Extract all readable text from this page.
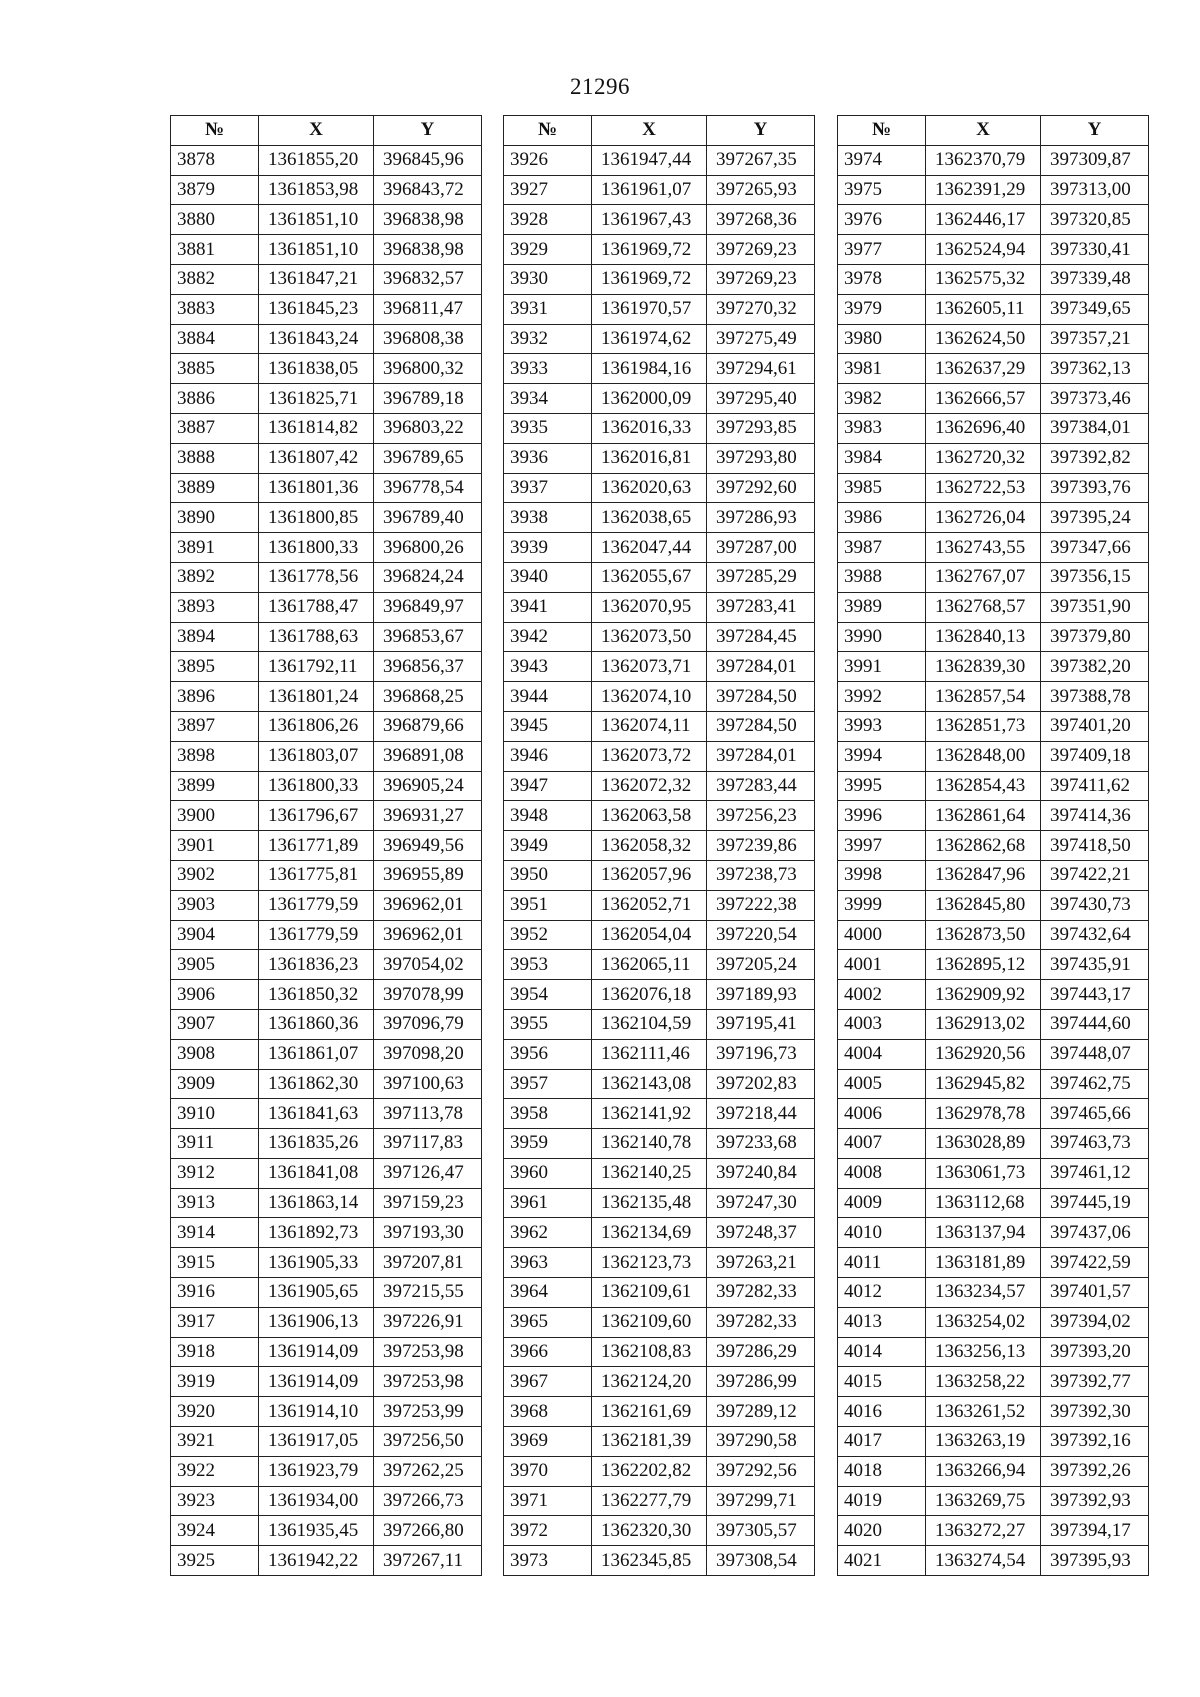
21296
№	X	Y
3878	1361855,20	396845,96
3879	1361853,98	396843,72
3880	1361851,10	396838,98
3881	1361851,10	396838,98
3882	1361847,21	396832,57
3883	1361845,23	396811,47
3884	1361843,24	396808,38
3885	1361838,05	396800,32
3886	1361825,71	396789,18
3887	1361814,82	396803,22
3888	1361807,42	396789,65
3889	1361801,36	396778,54
3890	1361800,85	396789,40
3891	1361800,33	396800,26
3892	1361778,56	396824,24
3893	1361788,47	396849,97
3894	1361788,63	396853,67
3895	1361792,11	396856,37
3896	1361801,24	396868,25
3897	1361806,26	396879,66
3898	1361803,07	396891,08
3899	1361800,33	396905,24
3900	1361796,67	396931,27
3901	1361771,89	396949,56
3902	1361775,81	396955,89
3903	1361779,59	396962,01
3904	1361779,59	396962,01
3905	1361836,23	397054,02
3906	1361850,32	397078,99
3907	1361860,36	397096,79
3908	1361861,07	397098,20
3909	1361862,30	397100,63
3910	1361841,63	397113,78
3911	1361835,26	397117,83
3912	1361841,08	397126,47
3913	1361863,14	397159,23
3914	1361892,73	397193,30
3915	1361905,33	397207,81
3916	1361905,65	397215,55
3917	1361906,13	397226,91
3918	1361914,09	397253,98
3919	1361914,09	397253,98
3920	1361914,10	397253,99
3921	1361917,05	397256,50
3922	1361923,79	397262,25
3923	1361934,00	397266,73
3924	1361935,45	397266,80
3925	1361942,22	397267,11
№	X	Y
3926	1361947,44	397267,35
3927	1361961,07	397265,93
3928	1361967,43	397268,36
3929	1361969,72	397269,23
3930	1361969,72	397269,23
3931	1361970,57	397270,32
3932	1361974,62	397275,49
3933	1361984,16	397294,61
3934	1362000,09	397295,40
3935	1362016,33	397293,85
3936	1362016,81	397293,80
3937	1362020,63	397292,60
3938	1362038,65	397286,93
3939	1362047,44	397287,00
3940	1362055,67	397285,29
3941	1362070,95	397283,41
3942	1362073,50	397284,45
3943	1362073,71	397284,01
3944	1362074,10	397284,50
3945	1362074,11	397284,50
3946	1362073,72	397284,01
3947	1362072,32	397283,44
3948	1362063,58	397256,23
3949	1362058,32	397239,86
3950	1362057,96	397238,73
3951	1362052,71	397222,38
3952	1362054,04	397220,54
3953	1362065,11	397205,24
3954	1362076,18	397189,93
3955	1362104,59	397195,41
3956	1362111,46	397196,73
3957	1362143,08	397202,83
3958	1362141,92	397218,44
3959	1362140,78	397233,68
3960	1362140,25	397240,84
3961	1362135,48	397247,30
3962	1362134,69	397248,37
3963	1362123,73	397263,21
3964	1362109,61	397282,33
3965	1362109,60	397282,33
3966	1362108,83	397286,29
3967	1362124,20	397286,99
3968	1362161,69	397289,12
3969	1362181,39	397290,58
3970	1362202,82	397292,56
3971	1362277,79	397299,71
3972	1362320,30	397305,57
3973	1362345,85	397308,54
№	X	Y
3974	1362370,79	397309,87
3975	1362391,29	397313,00
3976	1362446,17	397320,85
3977	1362524,94	397330,41
3978	1362575,32	397339,48
3979	1362605,11	397349,65
3980	1362624,50	397357,21
3981	1362637,29	397362,13
3982	1362666,57	397373,46
3983	1362696,40	397384,01
3984	1362720,32	397392,82
3985	1362722,53	397393,76
3986	1362726,04	397395,24
3987	1362743,55	397347,66
3988	1362767,07	397356,15
3989	1362768,57	397351,90
3990	1362840,13	397379,80
3991	1362839,30	397382,20
3992	1362857,54	397388,78
3993	1362851,73	397401,20
3994	1362848,00	397409,18
3995	1362854,43	397411,62
3996	1362861,64	397414,36
3997	1362862,68	397418,50
3998	1362847,96	397422,21
3999	1362845,80	397430,73
4000	1362873,50	397432,64
4001	1362895,12	397435,91
4002	1362909,92	397443,17
4003	1362913,02	397444,60
4004	1362920,56	397448,07
4005	1362945,82	397462,75
4006	1362978,78	397465,66
4007	1363028,89	397463,73
4008	1363061,73	397461,12
4009	1363112,68	397445,19
4010	1363137,94	397437,06
4011	1363181,89	397422,59
4012	1363234,57	397401,57
4013	1363254,02	397394,02
4014	1363256,13	397393,20
4015	1363258,22	397392,77
4016	1363261,52	397392,30
4017	1363263,19	397392,16
4018	1363266,94	397392,26
4019	1363269,75	397392,93
4020	1363272,27	397394,17
4021	1363274,54	397395,93
